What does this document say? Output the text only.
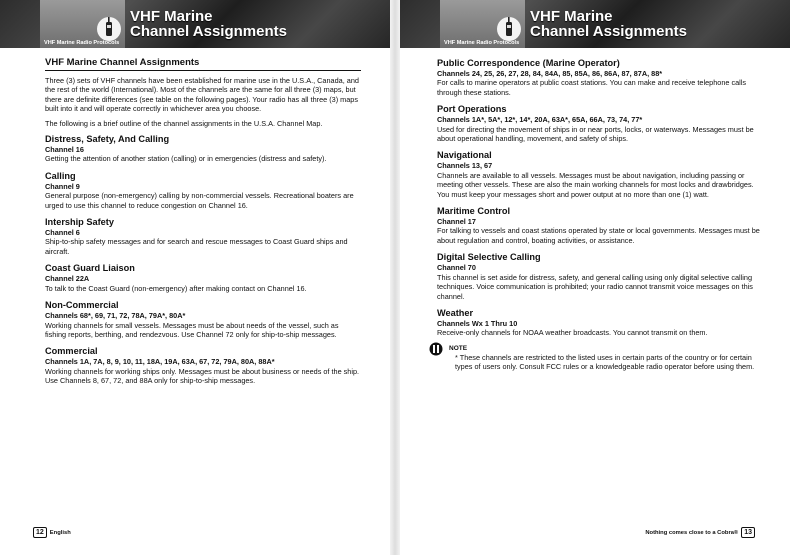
VHF Marine
Channel Assignments
VHF Marine Radio Protocols
VHF Marine Channel Assignments

Three (3) sets of VHF channels have been established for marine use in the U.S.A., Canada, and the rest of the world (International). Most of the channels are the same for all three (3) maps, but there are definite differences (see table on the following pages). Your radio has all three (3) maps built into it and will operate correctly in whichever area you choose.

The following is a brief outline of the channel assignments in the U.S.A. Channel Map.

Distress, Safety, And Calling
Channel 16
Getting the attention of another station (calling) or in emergencies (distress and safety).
Calling
Channel 9
General purpose (non-emergency) calling by non-commercial vessels. Recreational boaters are urged to use this channel to reduce congestion on Channel 16.
Intership Safety
Channel 6
Ship-to-ship safety messages and for search and rescue messages to Coast Guard ships and aircraft.
Coast Guard Liaison
Channel 22A
To talk to the Coast Guard (non-emergency) after making contact on Channel 16.
Non-Commercial
Channels 68*, 69, 71, 72, 78A, 79A*, 80A*
Working channels for small vessels. Messages must be about needs of the vessel, such as fishing reports, berthing, and rendezvous. Use Channel 72 only for ship-to-ship messages.
Commercial
Channels 1A, 7A, 8, 9, 10, 11, 18A, 19A, 63A, 67, 72, 79A, 80A, 88A*
Working channels for working ships only. Messages must be about business or needs of the ship. Use Channels 8, 67, 72, and 88A only for ship-to-ship messages.
12 English
VHF Marine
Channel Assignments
VHF Marine Radio Protocols
Public Correspondence (Marine Operator)
Channels 24, 25, 26, 27, 28, 84, 84A, 85, 85A, 86, 86A, 87, 87A, 88*
For calls to marine operators at public coast stations. You can make and receive telephone calls through these stations.
Port Operations
Channels 1A*, 5A*, 12*, 14*, 20A, 63A*, 65A, 66A, 73, 74, 77*
Used for directing the movement of ships in or near ports, locks, or waterways. Messages must be about operational handling, movement, and safety of ships.
Navigational
Channels 13, 67
Channels are available to all vessels. Messages must be about navigation, including passing or meeting other vessels. These are also the main working channels for most locks and drawbridges. You must keep your messages short and power output at no more than one (1) watt.
Maritime Control
Channel 17
For talking to vessels and coast stations operated by state or local governments. Messages must be about regulation and control, boating activities, or assistance.
Digital Selective Calling
Channel 70
This channel is set aside for distress, safety, and general calling using only digital selective calling techniques. Voice communication is prohibited; your radio cannot transmit voice messages on this channel.
Weather
Channels Wx 1 Thru 10
Receive-only channels for NOAA weather broadcasts. You cannot transmit on them.
NOTE
* These channels are restricted to the listed uses in certain parts of the country or for certain types of users only. Consult FCC rules or a knowledgeable radio operator before using them.
Nothing comes close to a Cobra® 13
